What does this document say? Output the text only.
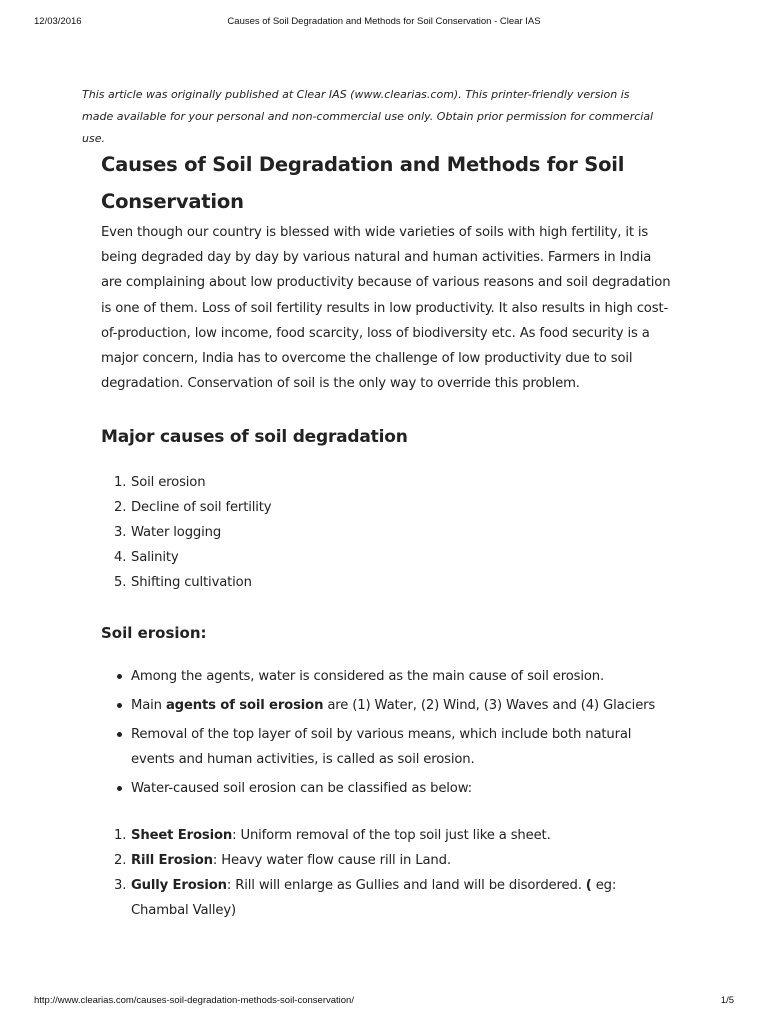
12/03/2016	Causes of Soil Degradation and Methods for Soil Conservation - Clear IAS
This article was originally published at Clear IAS (www.clearias.com). This printer-friendly version is made available for your personal and non-commercial use only. Obtain prior permission for commercial use.
Causes of Soil Degradation and Methods for Soil Conservation

Even though our country is blessed with wide varieties of soils with high fertility, it is being degraded day by day by various natural and human activities. Farmers in India are complaining about low productivity because of various reasons and soil degradation is one of them. Loss of soil fertility results in low productivity. It also results in high cost-of-production, low income, food scarcity, loss of biodiversity etc. As food security is a major concern, India has to overcome the challenge of low productivity due to soil degradation. Conservation of soil is the only way to override this problem.

Major causes of soil degradation
1. Soil erosion
2. Decline of soil fertility
3. Water logging
4. Salinity
5. Shifting cultivation
Soil erosion:
Among the agents, water is considered as the main cause of soil erosion.
Main agents of soil erosion are (1) Water, (2) Wind, (3) Waves and (4) Glaciers
Removal of the top layer of soil by various means, which include both natural
events and human activities, is called as soil erosion.
Water-caused soil erosion can be classified as below:
1. Sheet Erosion: Uniform removal of the top soil just like a sheet.
2. Rill Erosion: Heavy water flow cause rill in Land.
3. Gully Erosion: Rill will enlarge as Gullies and land will be disordered. ( eg:
Chambal Valley)
http://www.clearias.com/causes-soil-degradation-methods-soil-conservation/	1/5
